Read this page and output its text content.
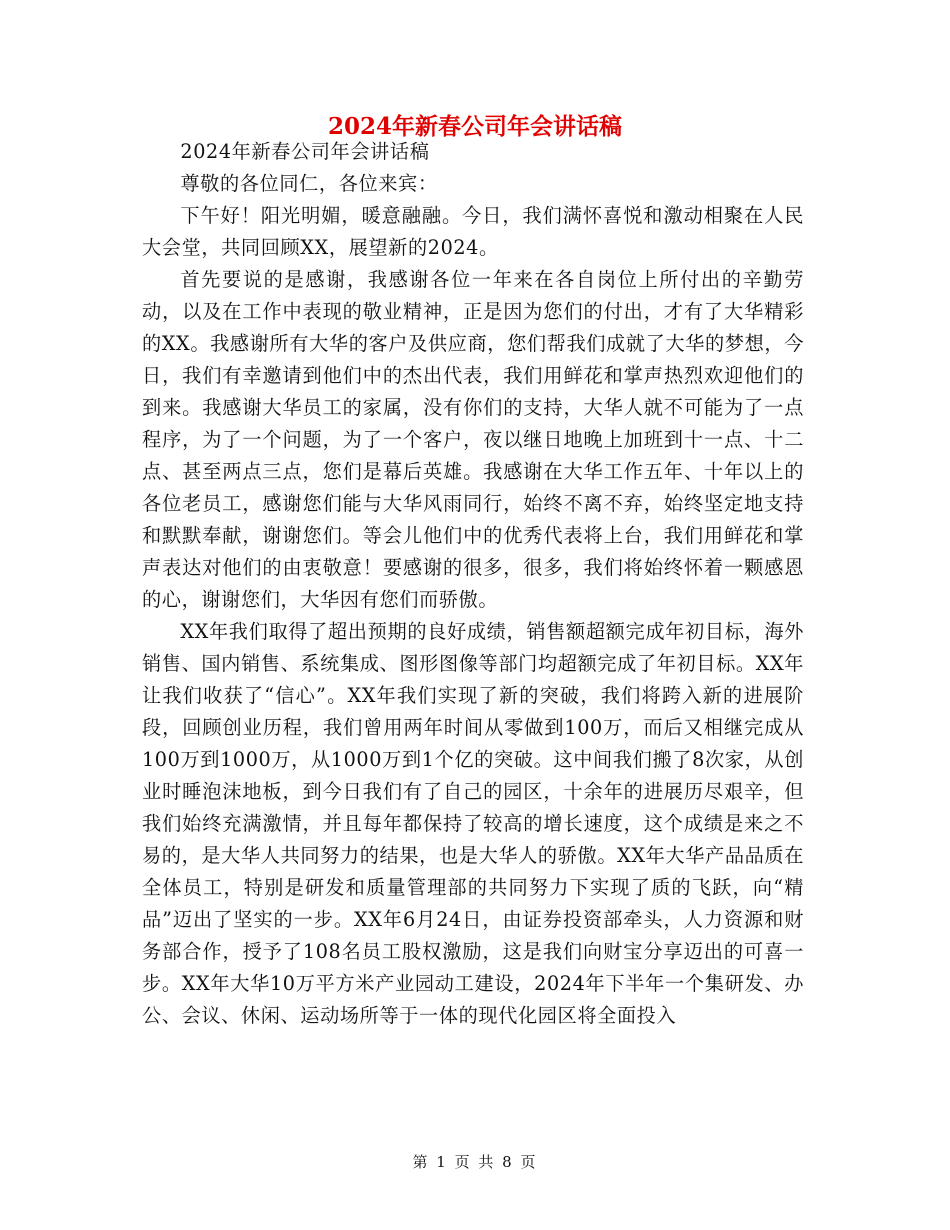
2024年新春公司年会讲话稿

2024年新春公司年会讲话稿

尊敬的各位同仁，各位来宾：

下午好！阳光明媚，暖意融融。今日，我们满怀喜悦和激动相聚在人民大会堂，共同回顾XX，展望新的2024。

首先要说的是感谢，我感谢各位一年来在各自岗位上所付出的辛勤劳动，以及在工作中表现的敬业精神，正是因为您们的付出，才有了大华精彩的XX。我感谢所有大华的客户及供应商，您们帮我们成就了大华的梦想，今日，我们有幸邀请到他们中的杰出代表，我们用鲜花和掌声热烈欢迎他们的到来。我感谢大华员工的家属，没有你们的支持，大华人就不可能为了一点程序，为了一个问题，为了一个客户，夜以继日地晚上加班到十一点、十二点、甚至两点三点，您们是幕后英雄。我感谢在大华工作五年、十年以上的各位老员工，感谢您们能与大华风雨同行，始终不离不弃，始终坚定地支持和默默奉献，谢谢您们。等会儿他们中的优秀代表将上台，我们用鲜花和掌声表达对他们的由衷敬意！要感谢的很多，很多，我们将始终怀着一颗感恩的心，谢谢您们，大华因有您们而骄傲。

XX年我们取得了超出预期的良好成绩，销售额超额完成年初目标，海外销售、国内销售、系统集成、图形图像等部门均超额完成了年初目标。XX年让我们收获了“信心”。XX年我们实现了新的突破，我们将跨入新的进展阶段，回顾创业历程，我们曾用两年时间从零做到100万，而后又相继完成从100万到1000万，从1000万到1个亿的突破。这中间我们搬了8次家，从创业时睡泡沫地板，到今日我们有了自己的园区，十余年的进展历尽艰辛，但我们始终充满激情，并且每年都保持了较高的增长速度，这个成绩是来之不易的，是大华人共同努力的结果，也是大华人的骄傲。XX年大华产品品质在全体员工，特别是研发和质量管理部的共同努力下实现了质的飞跃，向“精品”迈出了坚实的一步。XX年6月24日，由证券投资部牵头，人力资源和财务部合作，授予了108名员工股权激励，这是我们向财宝分享迈出的可喜一步。XX年大华10万平方米产业园动工建设，2024年下半年一个集研发、办公、会议、休闲、运动场所等于一体的现代化园区将全面投入

第 1 页 共 8 页
